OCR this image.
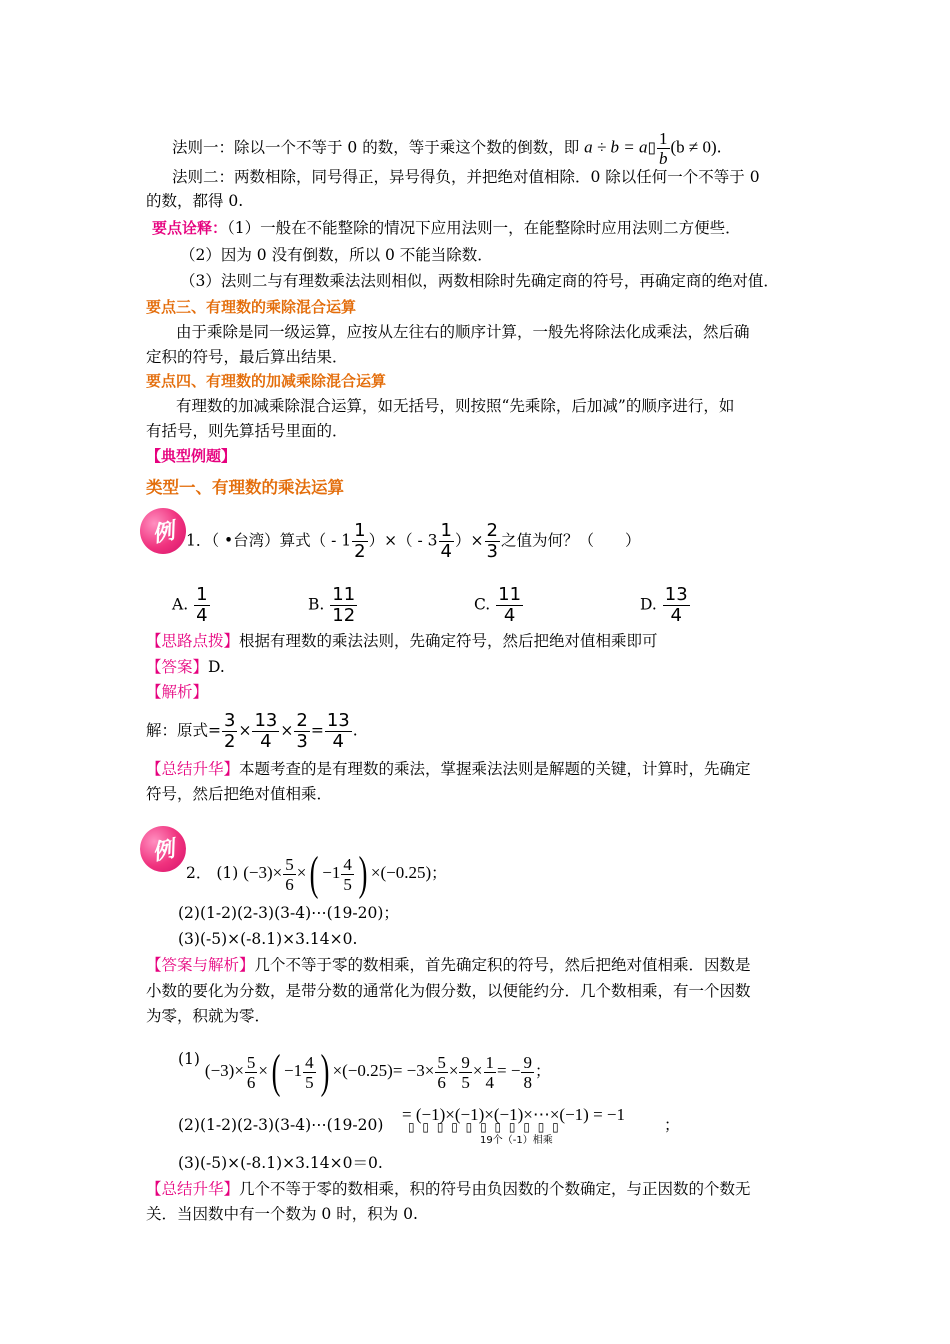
法则一：除以一个不等于 0 的数，等于乘这个数的倒数，即 a ÷ b = a▯ $\frac{1}{b} (b \ne 0)$.
法则二：两数相除，同号得正，异号得负，并把绝对值相除．0 除以任何一个不等于 0
的数，都得 0.
要点诠释：（1）一般在不能整除的情况下应用法则一，在能整除时应用法则二方便些．
（2）因为 0 没有倒数，所以 0 不能当除数．
（3）法则二与有理数乘法法则相似，两数相除时先确定商的符号，再确定商的绝对值．
要点三、有理数的乘除混合运算
由于乘除是同一级运算，应按从左往右的顺序计算，一般先将除法化成乘法，然后确
定积的符号，最后算出结果．
要点四、有理数的加减乘除混合运算
有理数的加减乘除混合运算，如无括号，则按照“先乘除，后加减”的顺序进行，如
有括号，则先算括号里面的．
【典型例题】
类型一、有理数的乘法运算
例 1．（ •台湾）算式（ - $1 \frac{1}{2}$ ）×（ - $3 \frac{1}{4}$ ）× $\frac{2}{3}$ 之值为何？（　　）
A. $\frac{1}{4}$	B. $\frac{11}{12}$	C. $\frac{11}{4}$	D. $\frac{13}{4}$
【思路点拨】根据有理数的乘法法则，先确定符号，然后把绝对值相乘即可
【答案】D.
【解析】
解：原式= $\frac{3}{2} \times \frac{13}{4} \times \frac{2}{3} = \frac{13}{4}$ .
【总结升华】本题考查的是有理数的乘法，掌握乘法法则是解题的关键，计算时，先确定
符号，然后把绝对值相乘．
例
2． (1) $(-3)\times \frac{5}{6}$ ×( $-1 \frac{4}{5}$ ) ×(−0.25)；
(2)(1-2)(2-3)(3-4)⋯(19-20)；
(3)(-5)×(-8.1)×3.14×0.
【答案与解析】几个不等于零的数相乘，首先确定积的符号，然后把绝对值相乘．因数是
小数的要化为分数，是带分数的通常化为假分数，以便能约分．几个数相乘，有一个因数
为零，积就为零．
(1) $(-3)\times \frac{5}{6}$ ×( $-1 \frac{4}{5}$ ) $\times(-0.25)= -3\times \frac{5}{6} \times \frac{9}{5} \times \frac{1}{4}$ = − $\frac{9}{8}$ ；
(2)(1-2)(2-3)(3-4)⋯(19-20)
= (−1)×(−1)×(−1)×⋯×(−1) = −1
▯ ▯ ▯ ▯ ▯ ▯ ▯ ▯ ▯ ▯ ▯
19个（-1）相乘
；
(3)(-5)×(-8.1)×3.14×0＝0.
【总结升华】几个不等于零的数相乘，积的符号由负因数的个数确定，与正因数的个数无
关．当因数中有一个数为 0 时，积为 0.
